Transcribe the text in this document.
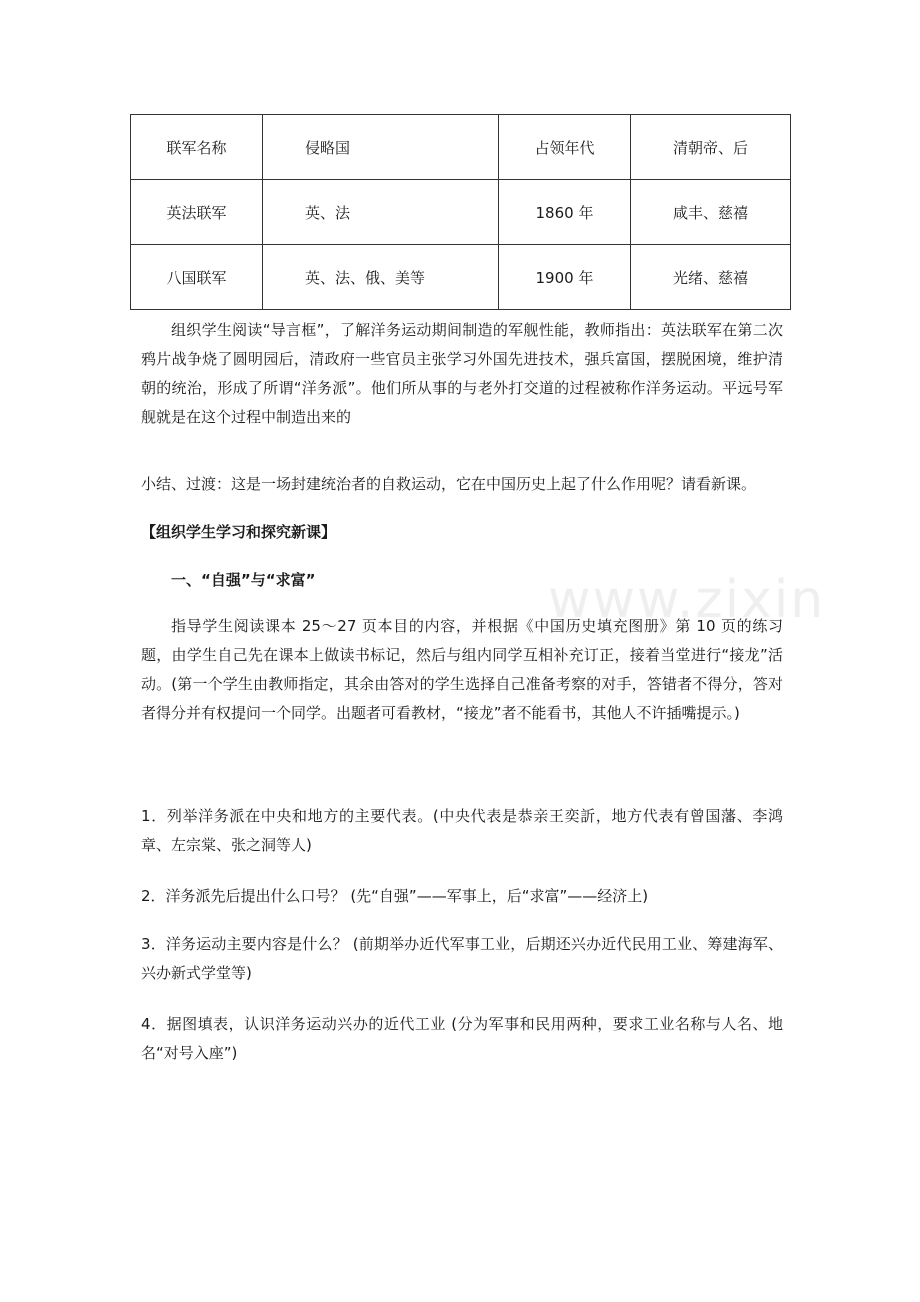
联军名称	侵略国	占领年代	清朝帝、后
英法联军	英、法	1860 年	咸丰、慈禧
八国联军	英、法、俄、美等	1900 年	光绪、慈禧

组织学生阅读“导言框”，了解洋务运动期间制造的军舰性能，教师指出：英法联军在第二次鸦片战争烧了圆明园后，清政府一些官员主张学习外国先进技术，强兵富国，摆脱困境，维护清朝的统治，形成了所谓“洋务派”。他们所从事的与老外打交道的过程被称作洋务运动。平远号军舰就是在这个过程中制造出来的

小结、过渡：这是一场封建统治者的自救运动，它在中国历史上起了什么作用呢？请看新课。

【组织学生学习和探究新课】

一、“自强”与“求富”

指导学生阅读课本 25～27 页本目的内容，并根据《中国历史填充图册》第 10 页的练习题，由学生自己先在课本上做读书标记，然后与组内同学互相补充订正，接着当堂进行“接龙”活动。(第一个学生由教师指定，其余由答对的学生选择自己准备考察的对手，答错者不得分，答对者得分并有权提问一个同学。出题者可看教材，“接龙”者不能看书，其他人不许插嘴提示。)

1．列举洋务派在中央和地方的主要代表。(中央代表是恭亲王奕訢，地方代表有曾国藩、李鸿章、左宗棠、张之洞等人)

2．洋务派先后提出什么口号？ (先“自强”——军事上，后“求富”——经济上)

3．洋务运动主要内容是什么？ (前期举办近代军事工业，后期还兴办近代民用工业、筹建海军、兴办新式学堂等)

4．据图填表，认识洋务运动兴办的近代工业 (分为军事和民用两种，要求工业名称与人名、地名“对号入座”)

www.zixin
